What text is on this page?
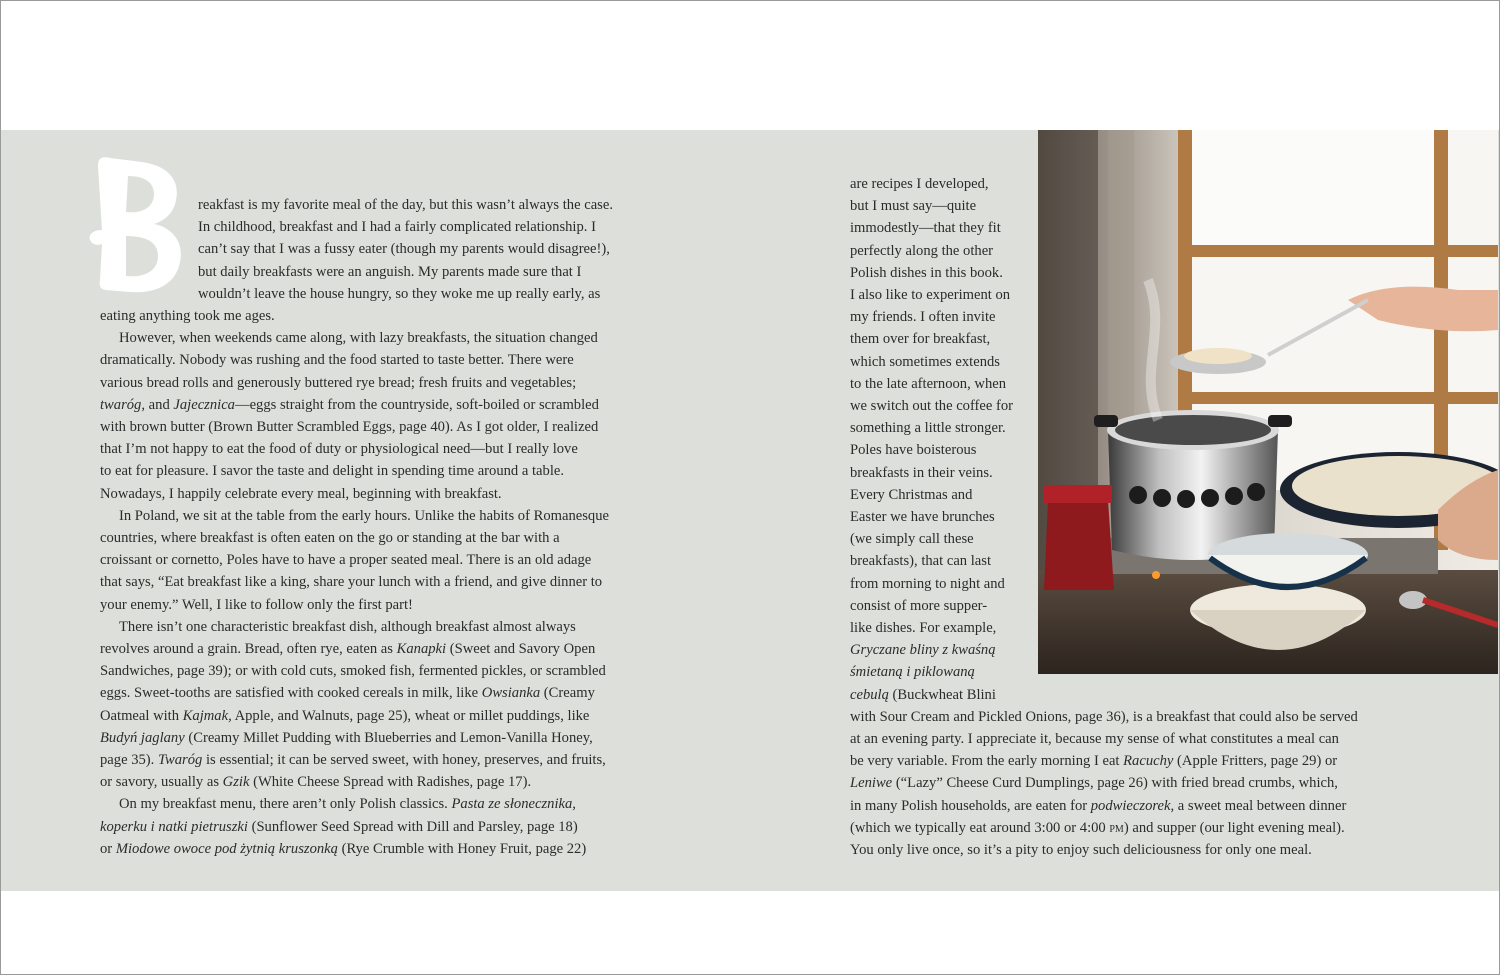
reakfast is my favorite meal of the day, but this wasn’t always the case.
In childhood, breakfast and I had a fairly complicated relationship. I
can’t say that I was a fussy eater (though my parents would disagree!),
but daily breakfasts were an anguish. My parents made sure that I
wouldn’t leave the house hungry, so they woke me up really early, as
eating anything took me ages.
However, when weekends came along, with lazy breakfasts, the situation changed
dramatically. Nobody was rushing and the food started to taste better. There were
various bread rolls and generously buttered rye bread; fresh fruits and vegetables;
twaróg, and Jajecznica—eggs straight from the countryside, soft-boiled or scrambled
with brown butter (Brown Butter Scrambled Eggs, page 40). As I got older, I realized
that I’m not happy to eat the food of duty or physiological need—but I really love
to eat for pleasure. I savor the taste and delight in spending time around a table.
Nowadays, I happily celebrate every meal, beginning with breakfast.
In Poland, we sit at the table from the early hours. Unlike the habits of Romanesque
countries, where breakfast is often eaten on the go or standing at the bar with a
croissant or cornetto, Poles have to have a proper seated meal. There is an old adage
that says, “Eat breakfast like a king, share your lunch with a friend, and give dinner to
your enemy.” Well, I like to follow only the first part!
There isn’t one characteristic breakfast dish, although breakfast almost always
revolves around a grain. Bread, often rye, eaten as Kanapki (Sweet and Savory Open
Sandwiches, page 39); or with cold cuts, smoked fish, fermented pickles, or scrambled
eggs. Sweet-tooths are satisfied with cooked cereals in milk, like Owsianka (Creamy
Oatmeal with Kajmak, Apple, and Walnuts, page 25), wheat or millet puddings, like
Budyń jaglany (Creamy Millet Pudding with Blueberries and Lemon-Vanilla Honey,
page 35). Twaróg is essential; it can be served sweet, with honey, preserves, and fruits,
or savory, usually as Gzik (White Cheese Spread with Radishes, page 17).
On my breakfast menu, there aren’t only Polish classics. Pasta ze słonecznika,
koperku i natki pietruszki (Sunflower Seed Spread with Dill and Parsley, page 18)
or Miodowe owoce pod żytnią kruszonką (Rye Crumble with Honey Fruit, page 22)
are recipes I developed,
but I must say—quite
immodestly—that they fit
perfectly along the other
Polish dishes in this book.
I also like to experiment on
my friends. I often invite
them over for breakfast,
which sometimes extends
to the late afternoon, when
we switch out the coffee for
something a little stronger.
Poles have boisterous
breakfasts in their veins.
Every Christmas and
Easter we have brunches
(we simply call these
breakfasts), that can last
from morning to night and
consist of more supper-
like dishes. For example,
Gryczane bliny z kwaśną
śmietaną i piklowaną
cebulą (Buckwheat Blini
with Sour Cream and Pickled Onions, page 36), is a breakfast that could also be served
at an evening party. I appreciate it, because my sense of what constitutes a meal can
be very variable. From the early morning I eat Racuchy (Apple Fritters, page 29) or
Leniwe (“Lazy” Cheese Curd Dumplings, page 26) with fried bread crumbs, which,
in many Polish households, are eaten for podwieczorek, a sweet meal between dinner
(which we typically eat around 3:00 or 4:00 pm) and supper (our light evening meal).
You only live once, so it’s a pity to enjoy such deliciousness for only one meal.
